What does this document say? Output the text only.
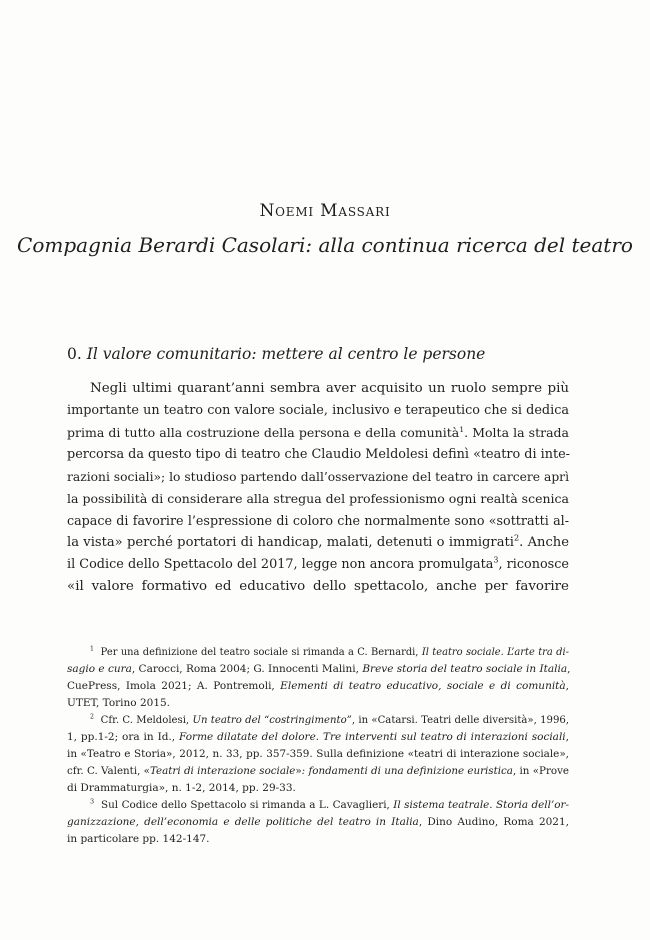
Noemi Massari
Compagnia Berardi Casolari: alla continua ricerca del teatro
0. Il valore comunitario: mettere al centro le persone
Negli ultimi quarant’anni sembra aver acquisito un ruolo sempre più
importante un teatro con valore sociale, inclusivo e terapeutico che si dedica
prima di tutto alla costruzione della persona e della comunità$^1$. Molta la strada
percorsa da questo tipo di teatro che Claudio Meldolesi definì «teatro di inte-
razioni sociali»; lo studioso partendo dall’osservazione del teatro in carcere aprì
la possibilità di considerare alla stregua del professionismo ogni realtà scenica
capace di favorire l’espressione di coloro che normalmente sono «sottratti al-
la vista» perché portatori di handicap, malati, detenuti o immigrati$^2$. Anche
il Codice dello Spettacolo del 2017, legge non ancora promulgata$^3$, riconosce
«il valore formativo ed educativo dello spettacolo, anche per favorire
$^1$ Per una definizione del teatro sociale si rimanda a C. Bernardi, Il teatro sociale. L’arte tra di-
sagio e cura, Carocci, Roma 2004; G. Innocenti Malini, Breve storia del teatro sociale in Italia,
CuePress, Imola 2021; A. Pontremoli, Elementi di teatro educativo, sociale e di comunità,
UTET, Torino 2015.
$^2$ Cfr. C. Meldolesi, Un teatro del “costringimento”, in «Catarsi. Teatri delle diversità», 1996,
1, pp.1-2; ora in Id., Forme dilatate del dolore. Tre interventi sul teatro di interazioni sociali,
in «Teatro e Storia», 2012, n. 33, pp. 357-359. Sulla definizione «teatri di interazione sociale»,
cfr. C. Valenti, «Teatri di interazione sociale»: fondamenti di una definizione euristica, in «Prove
di Drammaturgia», n. 1-2, 2014, pp. 29-33.
$^3$ Sul Codice dello Spettacolo si rimanda a L. Cavaglieri, Il sistema teatrale. Storia dell’or-
ganizzazione, dell’economia e delle politiche del teatro in Italia, Dino Audino, Roma 2021,
in particolare pp. 142-147.
